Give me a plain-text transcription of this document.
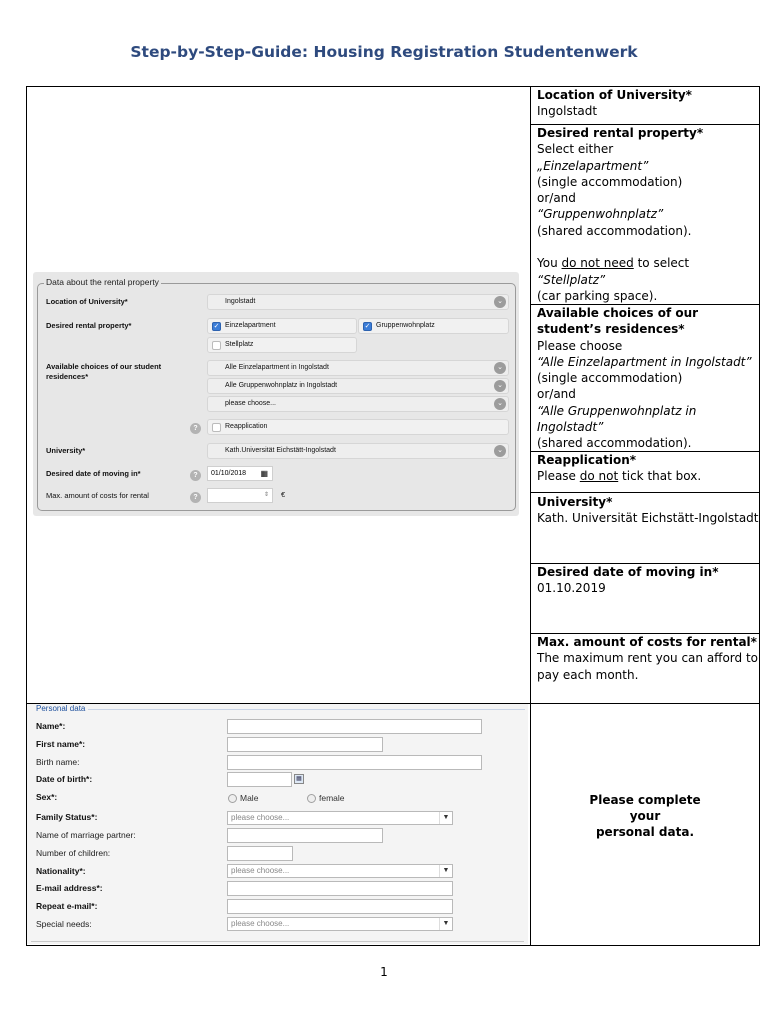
Step-by-Step-Guide: Housing Registration Studentenwerk
Data about the rental property
Location of University*	Ingolstadt	⌄
Desired rental property*	✓ Einzelapartment	✓ Gruppenwohnplatz
Stellplatz
Available choices of our student residences*
Alle Einzelapartment in Ingolstadt	⌄
Alle Gruppenwohnplatz in Ingolstadt	⌄
please choose...	⌄
?	Reapplication
University*	Kath.Universität Eichstätt-Ingolstadt	⌄
Desired date of moving in*	?	01/10/2018 ▦
Max. amount of costs for rental	?	⇕ €
Location of University*
Ingolstadt
Desired rental property*
Select either
„Einzelapartment”
(single accommodation)
or/and
“Gruppenwohnplatz”
(shared accommodation).

You do not need to select “Stellplatz”
(car parking space).
Available choices of our student’s residences*
Please choose
“Alle Einzelapartment in Ingolstadt”
(single accommodation)
or/and
“Alle Gruppenwohnplatz in Ingolstadt”
(shared accommodation).
Reapplication*
Please do not tick that box.
University*
Kath. Universität Eichstätt-Ingolstadt
Desired date of moving in*
01.10.2019
Max. amount of costs for rental*
The maximum rent you can afford to pay each month.
Please complete
your
personal data.
Personal data
Name*:
First name*:
Birth name:
Date of birth*:	▦
Sex*:	Male	female
Family Status*:	please choose...	▼
Name of marriage partner:
Number of children:
Nationality*:	please choose...	▼
E-mail address*:
Repeat e-mail*:
Special needs:	please choose...	▼
1
